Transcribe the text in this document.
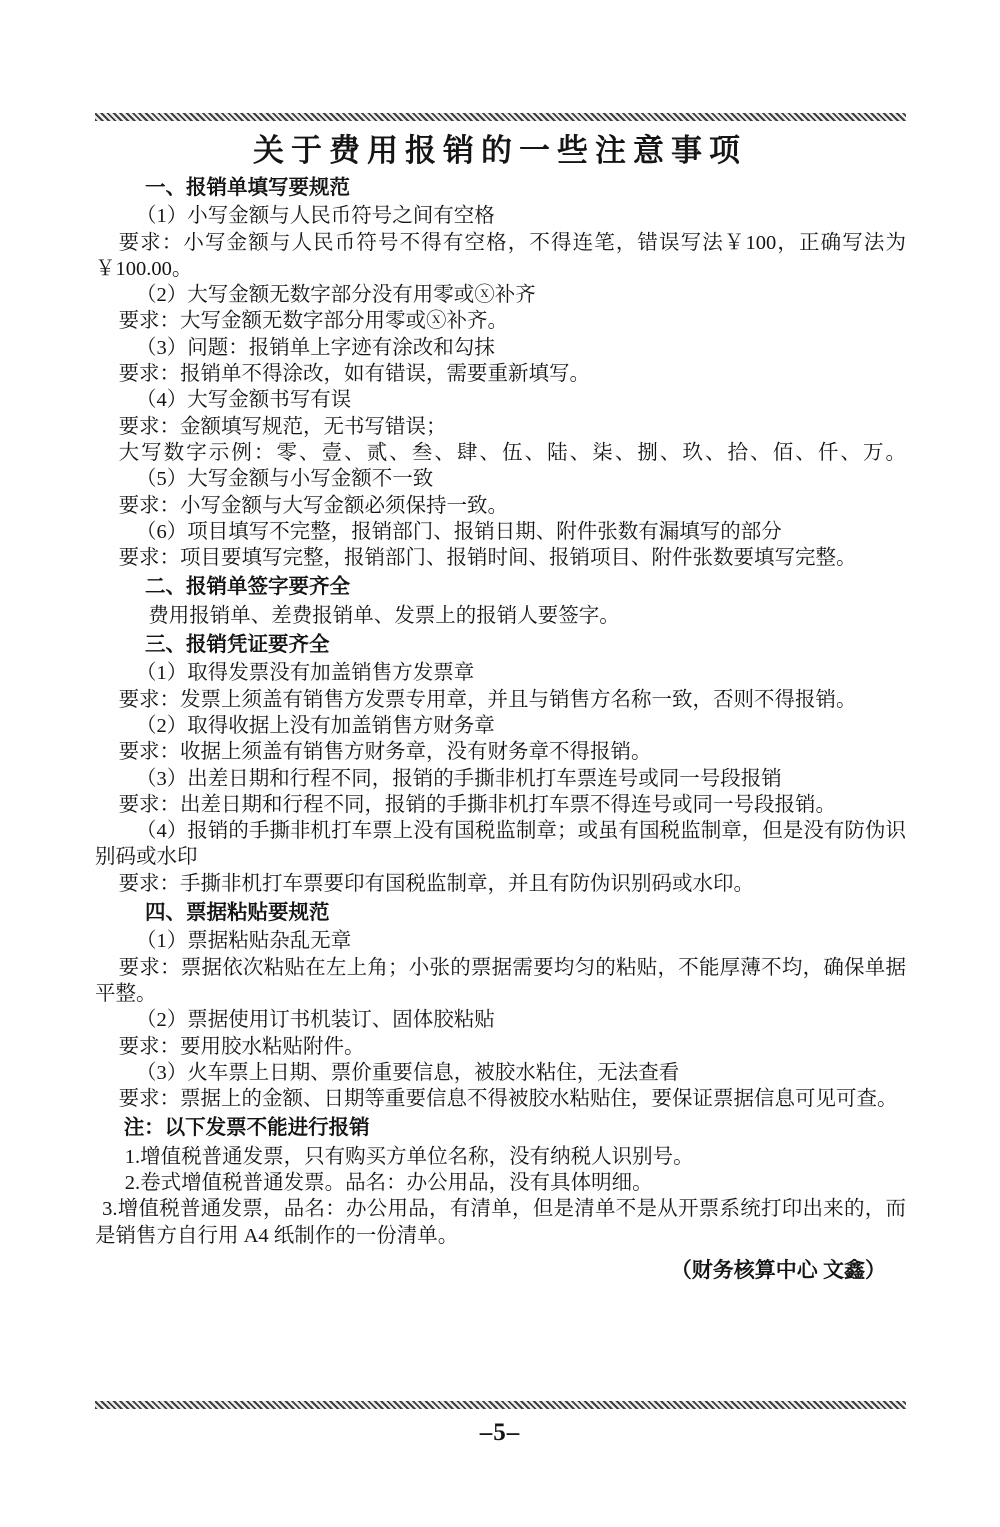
关于费用报销的一些注意事项

一、报销单填写要规范

（1）小写金额与人民币符号之间有空格

要求：小写金额与人民币符号不得有空格，不得连笔，错误写法￥100，正确写法为￥100.00。

（2）大写金额无数字部分没有用零或ⓧ补齐

要求：大写金额无数字部分用零或ⓧ补齐。

（3）问题：报销单上字迹有涂改和勾抹

要求：报销单不得涂改，如有错误，需要重新填写。

（4）大写金额书写有误

要求：金额填写规范，无书写错误；

大写数字示例：零、壹、贰、叁、肆、伍、陆、柒、捌、玖、拾、佰、仟、万。

（5）大写金额与小写金额不一致

要求：小写金额与大写金额必须保持一致。

（6）项目填写不完整，报销部门、报销日期、附件张数有漏填写的部分

要求：项目要填写完整，报销部门、报销时间、报销项目、附件张数要填写完整。

二、报销单签字要齐全

费用报销单、差费报销单、发票上的报销人要签字。

三、报销凭证要齐全

（1）取得发票没有加盖销售方发票章

要求：发票上须盖有销售方发票专用章，并且与销售方名称一致，否则不得报销。

（2）取得收据上没有加盖销售方财务章

要求：收据上须盖有销售方财务章，没有财务章不得报销。

（3）出差日期和行程不同，报销的手撕非机打车票连号或同一号段报销

要求：出差日期和行程不同，报销的手撕非机打车票不得连号或同一号段报销。

（4）报销的手撕非机打车票上没有国税监制章；或虽有国税监制章，但是没有防伪识别码或水印

要求：手撕非机打车票要印有国税监制章，并且有防伪识别码或水印。

四、票据粘贴要规范

（1）票据粘贴杂乱无章

要求：票据依次粘贴在左上角；小张的票据需要均匀的粘贴，不能厚薄不均，确保单据平整。

（2）票据使用订书机装订、固体胶粘贴

要求：要用胶水粘贴附件。

（3）火车票上日期、票价重要信息，被胶水粘住，无法查看

要求：票据上的金额、日期等重要信息不得被胶水粘贴住，要保证票据信息可见可查。

注：以下发票不能进行报销

1.增值税普通发票，只有购买方单位名称，没有纳税人识别号。

2.卷式增值税普通发票。品名：办公用品，没有具体明细。

3.增值税普通发票，品名：办公用品，有清单，但是清单不是从开票系统打印出来的，而是销售方自行用 A4 纸制作的一份清单。

（财务核算中心 文鑫）

–5–
